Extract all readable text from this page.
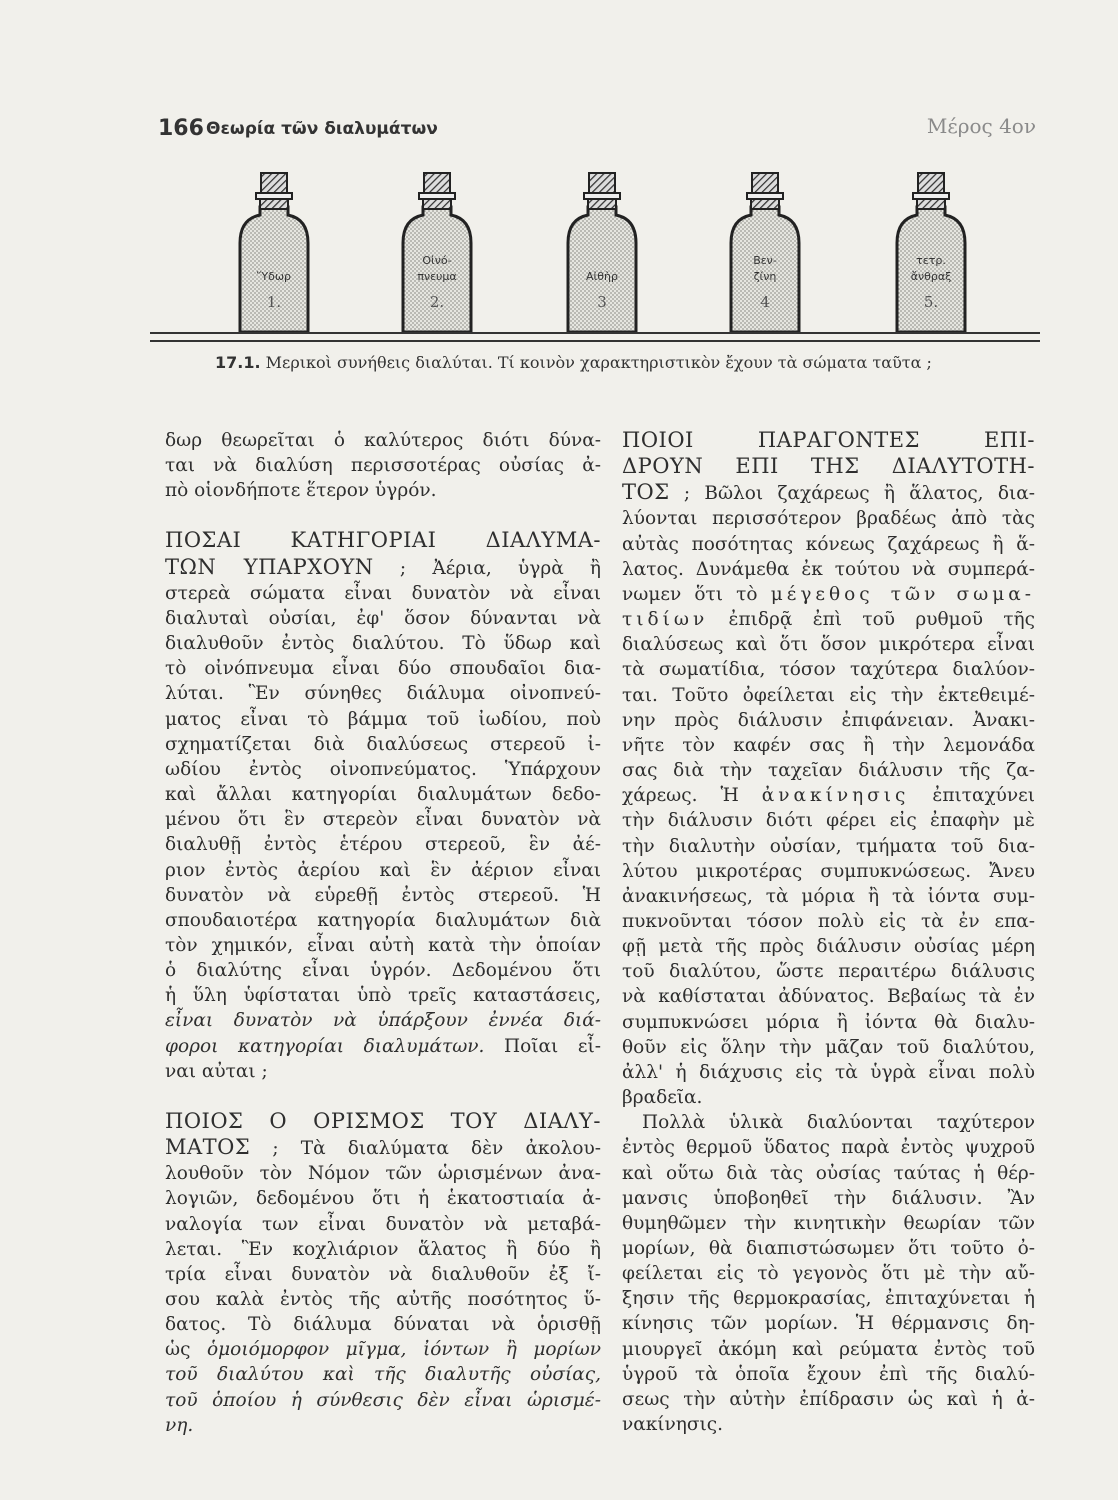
166 Θεωρία τῶν διαλυμάτων	Μέρος 4ον
Ὕδωρ
1.
Οἰνό-
πνευμα
2.
Αἰθὴρ
3
Βεν-
ζίνη
4
τετρ.
ἄνθραξ
5.
17.1. Μερικοὶ συνήθεις διαλύται. Τί κοινὸν χαρακτηριστικὸν ἔχουν τὰ σώματα ταῦτα ;
δωρ θεωρεῖται ὁ καλύτερος διότι δύνα-
ται νὰ διαλύση περισσοτέρας οὐσίας ἀ-
πὸ οἱονδήποτε ἕτερον ὑγρόν.
ΠΟΣΑΙ ΚΑΤΗΓΟΡΙΑΙ ΔΙΑΛΥΜΑ-
ΤΩΝ ΥΠΑΡΧΟΥΝ ; Ἀέρια, ὑγρὰ ἢ
στερεὰ σώματα εἶναι δυνατὸν νὰ εἶναι
διαλυταὶ οὐσίαι, ἐφ' ὅσον δύνανται νὰ
διαλυθοῦν ἐντὸς διαλύτου. Τὸ ὕδωρ καὶ
τὸ οἰνόπνευμα εἶναι δύο σπουδαῖοι δια-
λύται. Ἓν σύνηθες διάλυμα οἰνοπνεύ-
ματος εἶναι τὸ βάμμα τοῦ ἰωδίου, ποὺ
σχηματίζεται διὰ διαλύσεως στερεοῦ ἰ-
ωδίου ἐντὸς οἰνοπνεύματος. Ὑπάρχουν
καὶ ἄλλαι κατηγορίαι διαλυμάτων δεδο-
μένου ὅτι ἓν στερεὸν εἶναι δυνατὸν νὰ
διαλυθῇ ἐντὸς ἑτέρου στερεοῦ, ἓν ἀέ-
ριον ἐντὸς ἀερίου καὶ ἓν ἀέριον εἶναι
δυνατὸν νὰ εὑρεθῇ ἐντὸς στερεοῦ. Ἡ
σπουδαιοτέρα κατηγορία διαλυμάτων διὰ
τὸν χημικόν, εἶναι αὐτὴ κατὰ τὴν ὁποίαν
ὁ διαλύτης εἶναι ὑγρόν. Δεδομένου ὅτι
ἡ ὕλη ὑφίσταται ὑπὸ τρεῖς καταστάσεις,
εἶναι δυνατὸν νὰ ὑπάρξουν ἐννέα διά-
φοροι κατηγορίαι διαλυμάτων. Ποῖαι εἶ-
ναι αὐται ;
ΠΟΙΟΣ Ο ΟΡΙΣΜΟΣ ΤΟΥ ΔΙΑΛΥ-
ΜΑΤΟΣ ; Τὰ διαλύματα δὲν ἀκολου-
λουθοῦν τὸν Νόμον τῶν ὡρισμένων ἀνα-
λογιῶν, δεδομένου ὅτι ἡ ἑκατοστιαία ἀ-
ναλογία των εἶναι δυνατὸν νὰ μεταβά-
λεται. Ἓν κοχλιάριον ἅλατος ἢ δύο ἢ
τρία εἶναι δυνατὸν νὰ διαλυθοῦν ἐξ ἴ-
σου καλὰ ἐντὸς τῆς αὐτῆς ποσότητος ὕ-
δατος. Τὸ διάλυμα δύναται νὰ ὁρισθῇ
ὡς ὁμοιόμορφον μῖγμα, ἰόντων ἢ μορίων
τοῦ διαλύτου καὶ τῆς διαλυτῆς οὐσίας,
τοῦ ὁποίου ἡ σύνθεσις δὲν εἶναι ὡρισμέ-
νη.
ΠΟΙΟΙ ΠΑΡΑΓΟΝΤΕΣ ΕΠΙ-
ΔΡΟΥΝ ΕΠΙ ΤΗΣ ΔΙΑΛΥΤΟΤΗ-
ΤΟΣ ; Βῶλοι ζαχάρεως ἢ ἅλατος, δια-
λύονται περισσότερον βραδέως ἀπὸ τὰς
αὐτὰς ποσότητας κόνεως ζαχάρεως ἢ ἅ-
λατος. Δυνάμεθα ἐκ τούτου νὰ συμπερά-
νωμεν ὅτι τὸ μέγεθος τῶν σωμα-
τιδίων ἐπιδρᾷ ἐπὶ τοῦ ρυθμοῦ τῆς
διαλύσεως καὶ ὅτι ὅσον μικρότερα εἶναι
τὰ σωματίδια, τόσον ταχύτερα διαλύον-
ται. Τοῦτο ὀφείλεται εἰς τὴν ἐκτεθειμέ-
νην πρὸς διάλυσιν ἐπιφάνειαν. Ἀνακι-
νῆτε τὸν καφέν σας ἢ τὴν λεμονάδα
σας διὰ τὴν ταχεῖαν διάλυσιν τῆς ζα-
χάρεως. Ἡ ἀνακίνησις ἐπιταχύνει
τὴν διάλυσιν διότι φέρει εἰς ἐπαφὴν μὲ
τὴν διαλυτὴν οὐσίαν, τμήματα τοῦ δια-
λύτου μικροτέρας συμπυκνώσεως. Ἄνευ
ἀνακινήσεως, τὰ μόρια ἢ τὰ ἰόντα συμ-
πυκνοῦνται τόσον πολὺ εἰς τὰ ἐν επα-
φῇ μετὰ τῆς πρὸς διάλυσιν οὐσίας μέρη
τοῦ διαλύτου, ὥστε περαιτέρω διάλυσις
νὰ καθίσταται ἀδύνατος. Βεβαίως τὰ ἐν
συμπυκνώσει μόρια ἢ ἰόντα θὰ διαλυ-
θοῦν εἰς ὅλην τὴν μᾶζαν τοῦ διαλύτου,
ἀλλ' ἡ διάχυσις εἰς τὰ ὑγρὰ εἶναι πολὺ
βραδεῖα.
Πολλὰ ὑλικὰ διαλύονται ταχύτερον
ἐντὸς θερμοῦ ὕδατος παρὰ ἐντὸς ψυχροῦ
καὶ οὕτω διὰ τὰς οὐσίας ταύτας ἡ θέρ-
μανσις ὑποβοηθεῖ τὴν διάλυσιν. Ἂν
θυμηθῶμεν τὴν κινητικὴν θεωρίαν τῶν
μορίων, θὰ διαπιστώσωμεν ὅτι τοῦτο ὀ-
φείλεται εἰς τὸ γεγονὸς ὅτι μὲ τὴν αὔ-
ξησιν τῆς θερμοκρασίας, ἐπιταχύνεται ἡ
κίνησις τῶν μορίων. Ἡ θέρμανσις δη-
μιουργεῖ ἀκόμη καὶ ρεύματα ἐντὸς τοῦ
ὑγροῦ τὰ ὁποῖα ἔχουν ἐπὶ τῆς διαλύ-
σεως τὴν αὐτὴν ἐπίδρασιν ὡς καὶ ἡ ἀ-
νακίνησις.
